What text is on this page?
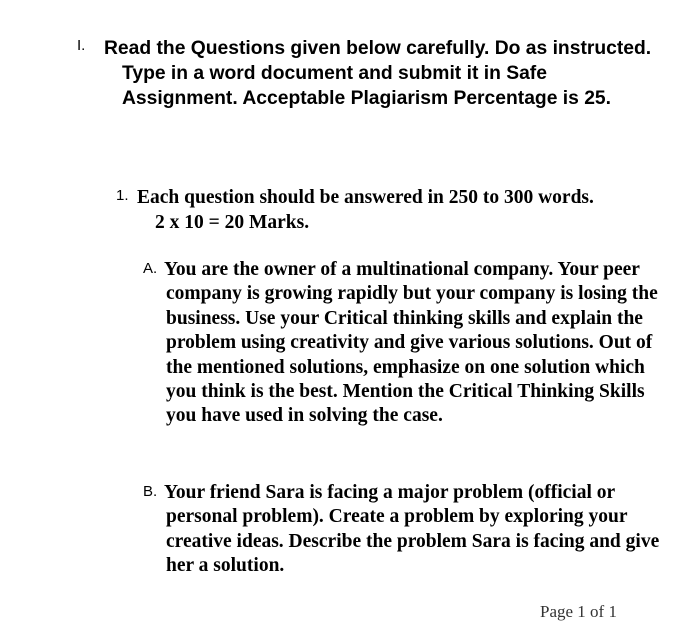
I. Read the Questions given below carefully. Do as instructed. Type in a word document and submit it in Safe Assignment. Acceptable Plagiarism Percentage is 25.
1. Each question should be answered in 250 to 300 words.
2 x 10 = 20 Marks.
A. You are the owner of a multinational company. Your peer company is growing rapidly but your company is losing the business. Use your Critical thinking skills and explain the problem using creativity and give various solutions. Out of the mentioned solutions, emphasize on one solution which you think is the best. Mention the Critical Thinking Skills you have used in solving the case.
B. Your friend Sara is facing a major problem (official or personal problem). Create a problem by exploring your creative ideas. Describe the problem Sara is facing and give her a solution.
Page 1 of 1
